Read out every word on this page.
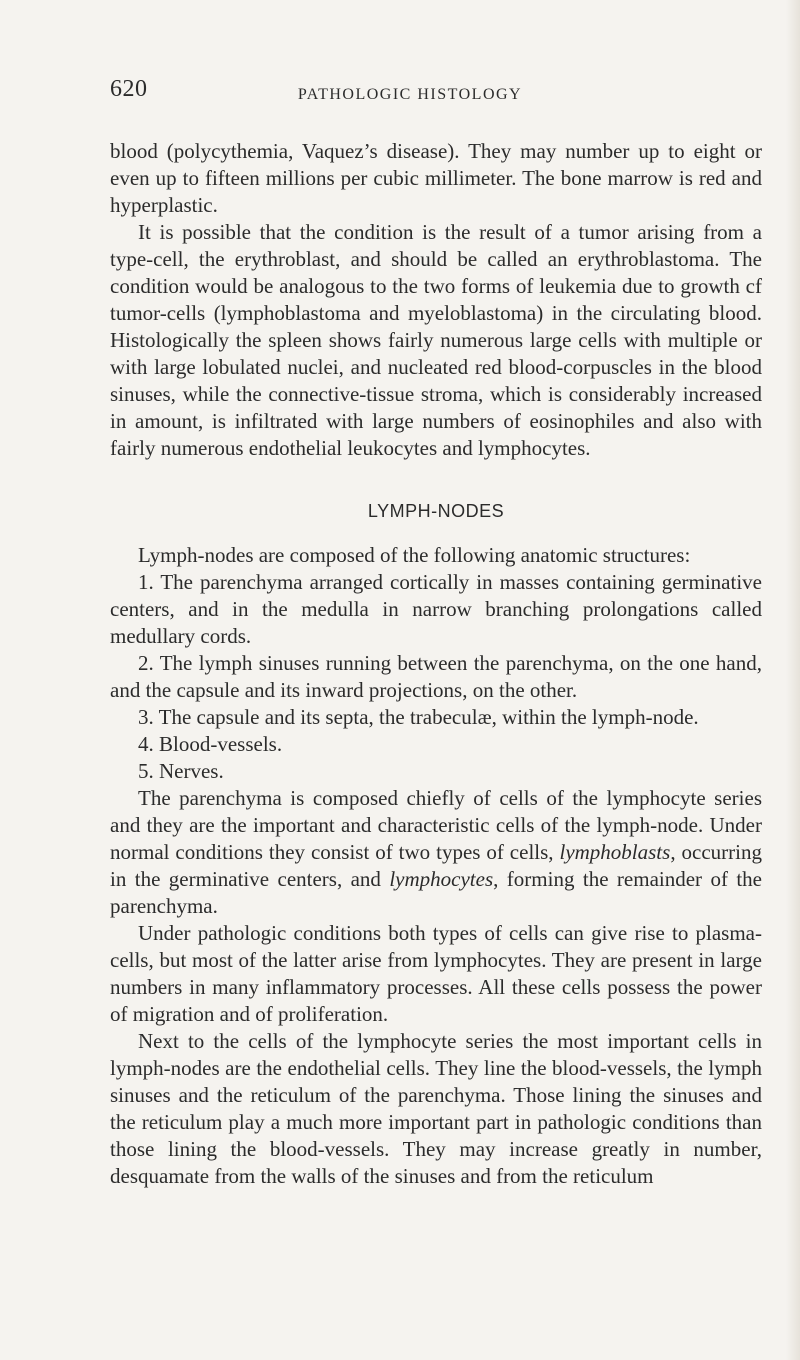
620	PATHOLOGIC HISTOLOGY

blood (polycythemia, Vaquez’s disease). They may number up to eight or even up to fifteen millions per cubic millimeter. The bone marrow is red and hyperplastic.

It is possible that the condition is the result of a tumor arising from a type-cell, the erythroblast, and should be called an erythroblastoma. The condition would be analogous to the two forms of leukemia due to growth cf tumor-cells (lymphoblastoma and myeloblastoma) in the circulating blood. Histologically the spleen shows fairly numerous large cells with multiple or with large lobulated nuclei, and nucleated red blood-corpuscles in the blood sinuses, while the connective-tissue stroma, which is considerably increased in amount, is infiltrated with large numbers of eosinophiles and also with fairly numerous endothelial leukocytes and lymphocytes.

LYMPH-NODES

Lymph-nodes are composed of the following anatomic structures:

1. The parenchyma arranged cortically in masses containing germinative centers, and in the medulla in narrow branching prolongations called medullary cords.

2. The lymph sinuses running between the parenchyma, on the one hand, and the capsule and its inward projections, on the other.

3. The capsule and its septa, the trabeculæ, within the lymph-node.

4. Blood-vessels.

5. Nerves.

The parenchyma is composed chiefly of cells of the lymphocyte series and they are the important and characteristic cells of the lymph-node. Under normal conditions they consist of two types of cells, lymphoblasts, occurring in the germinative centers, and lymphocytes, forming the remainder of the parenchyma.

Under pathologic conditions both types of cells can give rise to plasma-cells, but most of the latter arise from lymphocytes. They are present in large numbers in many inflammatory processes. All these cells possess the power of migration and of proliferation.

Next to the cells of the lymphocyte series the most important cells in lymph-nodes are the endothelial cells. They line the blood-vessels, the lymph sinuses and the reticulum of the parenchyma. Those lining the sinuses and the reticulum play a much more important part in pathologic conditions than those lining the blood-vessels. They may increase greatly in number, desquamate from the walls of the sinuses and from the reticulum
